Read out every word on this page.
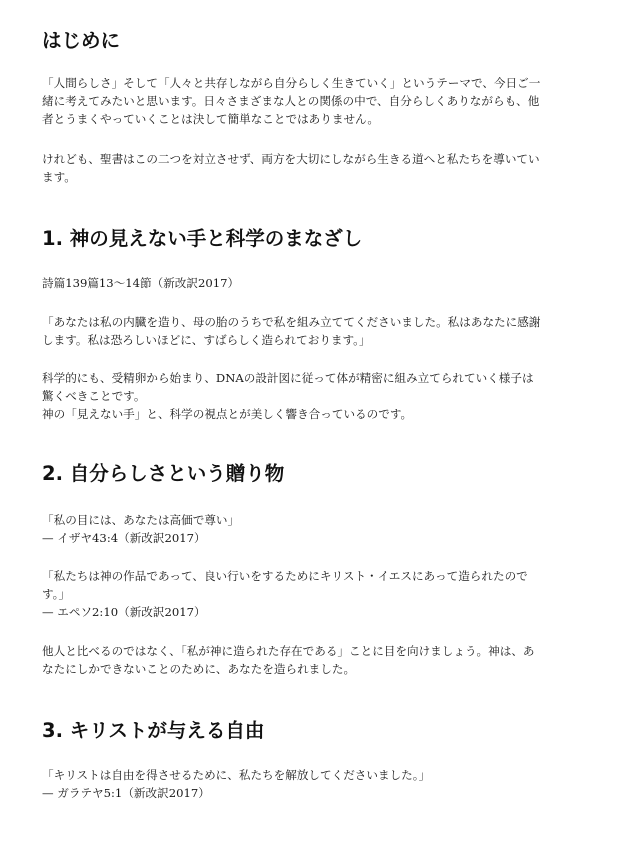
はじめに

「人間らしさ」そして「人々と共存しながら自分らしく生きていく」というテーマで、今日ご一
緒に考えてみたいと思います。日々さまざまな人との関係の中で、自分らしくありながらも、他
者とうまくやっていくことは決して簡単なことではありません。

けれども、聖書はこの二つを対立させず、両方を大切にしながら生きる道へと私たちを導いてい
ます。

1. 神の見えない手と科学のまなざし

詩篇139篇13〜14節（新改訳2017）

「あなたは私の内臓を造り、母の胎のうちで私を組み立ててくださいました。私はあなたに感謝
します。私は恐ろしいほどに、すばらしく造られております。」

科学的にも、受精卵から始まり、DNAの設計図に従って体が精密に組み立てられていく様子は
驚くべきことです。
神の「見えない手」と、科学の視点とが美しく響き合っているのです。

2. 自分らしさという贈り物

「私の目には、あなたは高価で尊い」
— イザヤ43:4（新改訳2017）

「私たちは神の作品であって、良い行いをするためにキリスト・イエスにあって造られたので
す。」
— エペソ2:10（新改訳2017）

他人と比べるのではなく、「私が神に造られた存在である」ことに目を向けましょう。神は、あ
なたにしかできないことのために、あなたを造られました。

3. キリストが与える自由

「キリストは自由を得させるために、私たちを解放してくださいました。」
— ガラテヤ5:1（新改訳2017）
